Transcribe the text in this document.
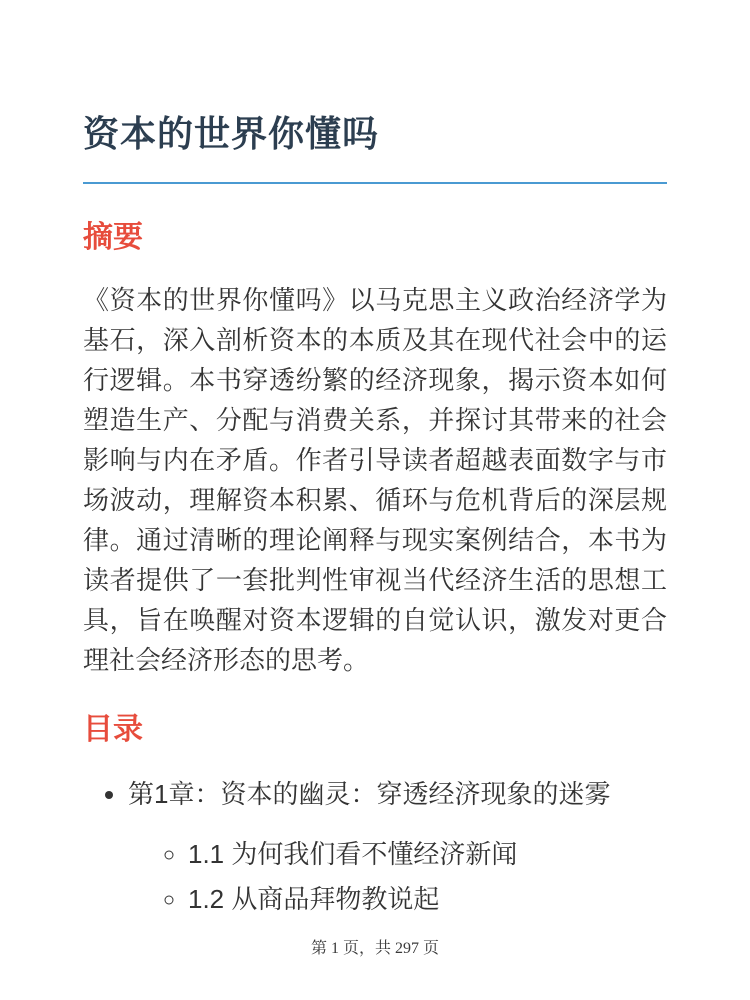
资本的世界你懂吗
摘要

《资本的世界你懂吗》以马克思主义政治经济学为基石，深入剖析资本的本质及其在现代社会中的运行逻辑。本书穿透纷繁的经济现象，揭示资本如何塑造生产、分配与消费关系，并探讨其带来的社会影响与内在矛盾。作者引导读者超越表面数字与市场波动，理解资本积累、循环与危机背后的深层规律。通过清晰的理论阐释与现实案例结合，本书为读者提供了一套批判性审视当代经济生活的思想工具，旨在唤醒对资本逻辑的自觉认识，激发对更合理社会经济形态的思考。

目录
• 第1章：资本的幽灵：穿透经济现象的迷雾
◦ 1.1 为何我们看不懂经济新闻
◦ 1.2 从商品拜物教说起
第 1 页，共 297 页
